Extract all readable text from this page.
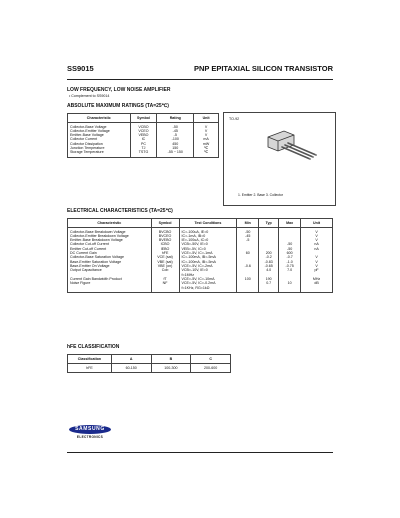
SS9015	PNP EPITAXIAL SILICON TRANSISTOR
LOW FREQUENCY, LOW NOISE AMPLIFIER
• Complement to SS9014
ABSOLUTE MAXIMUM RATINGS (TA=25℃)
Characteristic	Symbol	Rating	Unit
Collector-Base Voltage	VCBO	-50	V
Collector-Emitter Voltage	VCEO	-45	V
Emitter-Base Voltage	VEBO	-5	V
Collector Current	IC	-100	mA
Collector Dissipation	PC	450	mW
Junction Temperature	TJ	150	℃
Storage Temperature	TSTG	-55 ~ 150	℃
TO-92
1. Emitter 2. Base 3. Collector
ELECTRICAL CHARACTERISTICS (TA=25℃)
Characteristic	Symbol	Test Conditions	Min	Typ	Max	Unit
Collector-Base Breakdown Voltage	BVCBO	IC=-100uA, IE=0	-50			V
Collector-Emitter Breakdown Voltage	BVCEO	IC=-1mA, IB=0	-45			V
Emitter-Base Breakdown Voltage	BVEBO	IE=-100uA, IC=0	-5			V
Collector Cut-off Current	ICBO	VCB=-50V, IE=0			-50	nA
Emitter Cut-off Current	IEBO	VEB=-5V, IC=0			-50	nA
DC Current Gain	hFE	VCE=-5V, IC=-1mA	60	200	600	
Collector-Base Saturation Voltage	VCE (sat)	IC=-100mA, IB=-5mA		-0.2	-0.7	V
Base-Emitter Saturation Voltage	VBE (sat)	IC=-100mA, IB=-5mA		-0.83	-1.0	V
Base-Emitter On Voltage	VBE (on)	VCE=-5V, IC=-2mA	-0.6	-0.65	-0.75	V
Output Capacitance	Cob	VCB=-10V, IE=0		4.0	7.0	pF
		f=1MHz				
Current Gain Bandwidth Product	fT	VCE=-5V, IC=-10mA	100	190		MHz
Noise Figure	NF	VCE=-5V, IC=-0.2mA		0.7	10	dB
		f=1KHz, RG=1kΩ				
hFE CLASSIFICATION
Classification	A	B	C
hFE	60-150	100-300	200-600
SAMSUNG
ELECTRONICS
